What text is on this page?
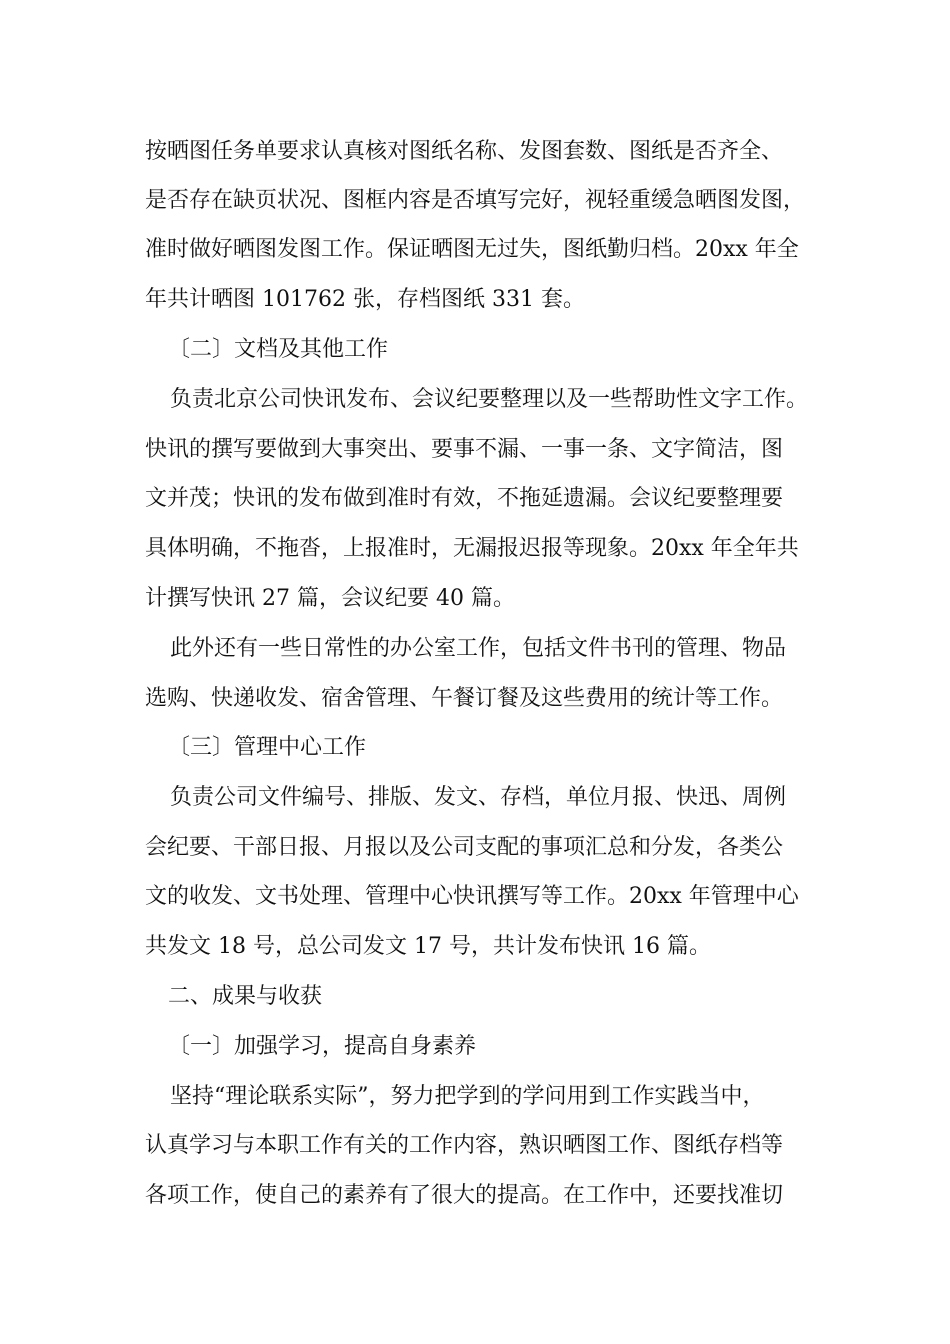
按晒图任务单要求认真核对图纸名称、发图套数、图纸是否齐全、
是否存在缺页状况、图框内容是否填写完好，视轻重缓急晒图发图，
准时做好晒图发图工作。保证晒图无过失，图纸勤归档。20xx 年全
年共计晒图 101762 张，存档图纸 331 套。
〔二〕文档及其他工作
负责北京公司快讯发布、会议纪要整理以及一些帮助性文字工作。
快讯的撰写要做到大事突出、要事不漏、一事一条、文字简洁，图
文并茂；快讯的发布做到准时有效，不拖延遗漏。会议纪要整理要
具体明确，不拖沓，上报准时，无漏报迟报等现象。20xx 年全年共
计撰写快讯 27 篇，会议纪要 40 篇。
此外还有一些日常性的办公室工作，包括文件书刊的管理、物品
选购、快递收发、宿舍管理、午餐订餐及这些费用的统计等工作。
〔三〕管理中心工作
负责公司文件编号、排版、发文、存档，单位月报、快迅、周例
会纪要、干部日报、月报以及公司支配的事项汇总和分发，各类公
文的收发、文书处理、管理中心快讯撰写等工作。20xx 年管理中心
共发文 18 号，总公司发文 17 号，共计发布快讯 16 篇。
二、成果与收获
〔一〕加强学习，提高自身素养
坚持“理论联系实际”，努力把学到的学问用到工作实践当中，
认真学习与本职工作有关的工作内容，熟识晒图工作、图纸存档等
各项工作，使自己的素养有了很大的提高。在工作中，还要找准切
